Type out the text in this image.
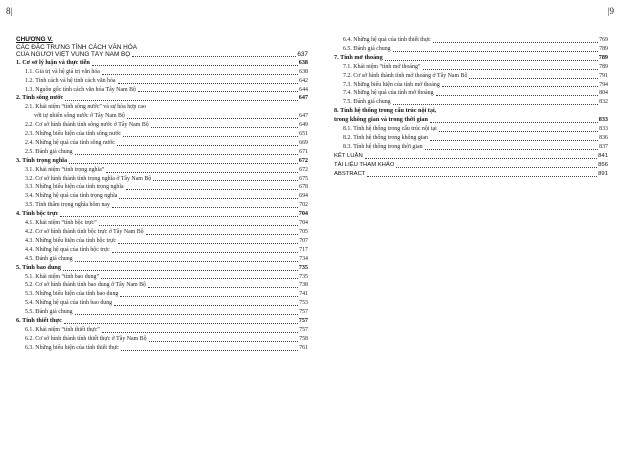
8|	|9
CHƯƠNG V.
CÁC ĐẶC TRƯNG TÍNH CÁCH VĂN HÓA
CỦA NGƯỜI VIỆT VÙNG TÂY NAM BỘ	637
1. Cơ sở lý luận và thực tiễn	638
1.1. Giá trị và hệ giá trị văn hóa	638
1.2. Tính cách và hệ tính cách văn hóa	642
1.3. Nguồn gốc tính cách văn hóa Tây Nam Bộ	644
2. Tính sông nước	647
2.1. Khái niệm “tính sông nước” và sự hòa hợp cao
với tự nhiên sông nước ở Tây Nam Bộ	647
2.2. Cơ sở hình thành tính sông nước ở Tây Nam Bộ	649
2.3. Những biểu hiện của tính sông nước	651
2.4. Những hệ quả của tính sông nước	669
2.5. Đánh giá chung	671
3. Tính trọng nghĩa	672
3.1. Khái niệm “tính trọng nghĩa”	672
3.2. Cơ sở hình thành tính trọng nghĩa ở Tây Nam Bộ	675
3.3. Những biểu hiện của tính trọng nghĩa	678
3.4. Những hệ quả của tính trọng nghĩa	694
3.5. Tính thẩm trọng nghĩa hôm nay	702
4. Tính bộc trực	704
4.1. Khái niệm “tính bộc trực”	704
4.2. Cơ sở hình thành tính bộc trực ở Tây Nam Bộ	705
4.3. Những biểu hiện của tính bộc trực	707
4.4. Những hệ quả của tính bộc trực	717
4.5. Đánh giá chung	734
5. Tính bao dung	735
5.1. Khái niệm “tính bao dung”	735
5.2. Cơ sở hình thành tính bao dung ở Tây Nam Bộ	738
5.3. Những biểu hiện của tính bao dung	741
5.4. Những hệ quả của tính bao dung	753
5.5. Đánh giá chung	757
6. Tính thiết thực	757
6.1. Khái niệm “tính thiết thực”	757
6.2. Cơ sở hình thành tính thiết thực ở Tây Nam Bộ	758
6.3. Những biểu hiện của tính thiết thực	761
6.4. Những hệ quả của tính thiết thực	769
6.5. Đánh giá chung	789
7. Tính mở thoáng	789
7.1. Khái niệm “tính mở thoáng”	789
7.2. Cơ sở hình thành tính mở thoáng ở Tây Nam Bộ	791
7.3. Những biểu hiện của tính mở thoáng	794
7.4. Những hệ quả của tính mở thoáng	804
7.5. Đánh giá chung	832
8. Tính hệ thống trong cấu trúc nội tại,
trong không gian và trong thời gian	833
8.1. Tính hệ thống trong cấu trúc nội tại	833
8.2. Tính hệ thống trong không gian	836
8.3. Tính hệ thống trong thời gian	837
KẾT LUẬN	841
TÀI LIỆU THAM KHẢO	856
ABSTRACT	891
